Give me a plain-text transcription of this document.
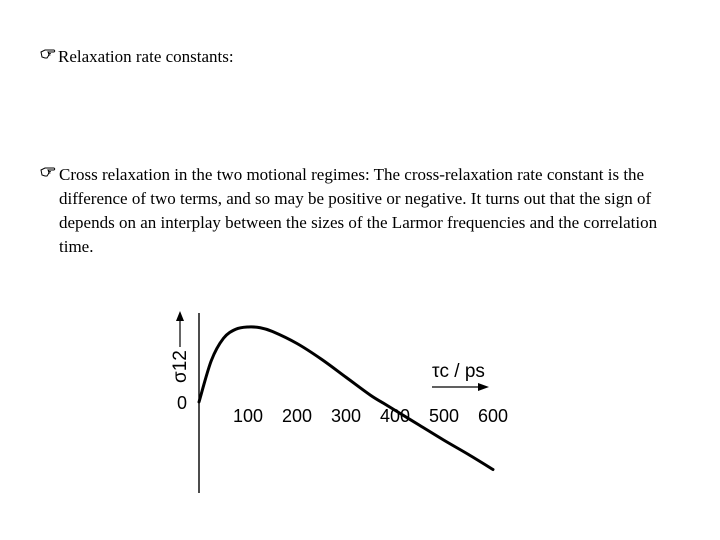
Relaxation rate constants:
Cross relaxation in the two motional regimes: The cross-relaxation rate constant is the difference of two terms, and so may be positive or negative. It turns out that the sign of depends on an interplay between the sizes of the Larmor frequencies and the correlation time.
σ12
0
τc / ps
100 200 300 400 500 600
